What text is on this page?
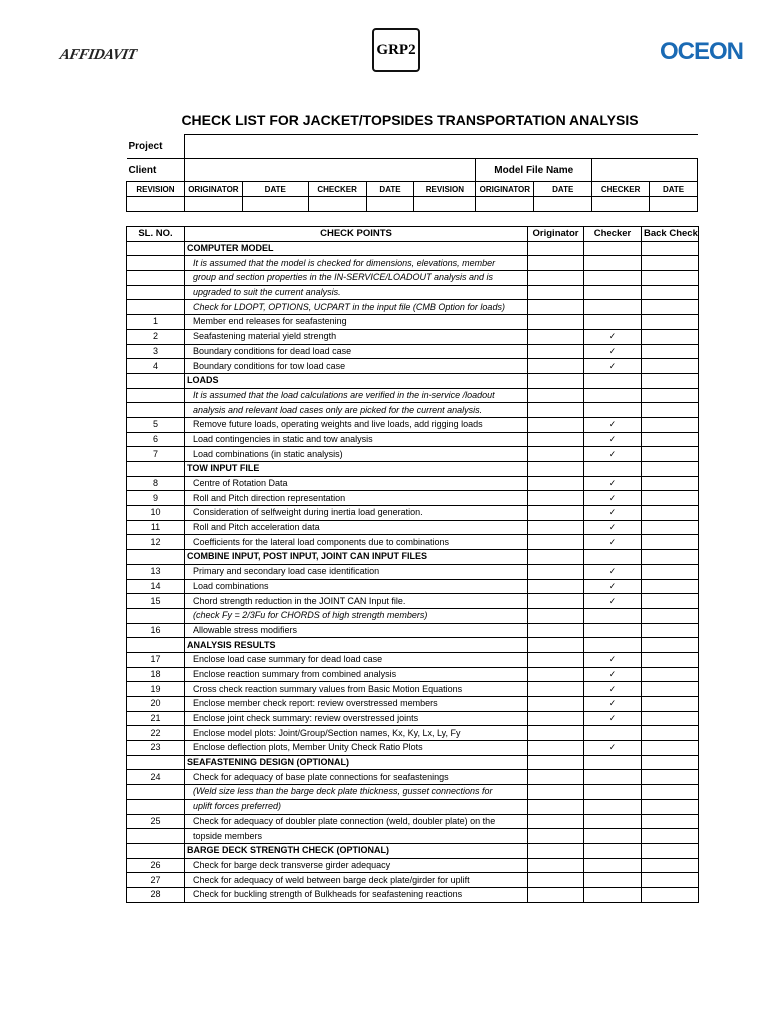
AFFIDAVIT	GRP2	OCEON
CHECK LIST FOR JACKET/TOPSIDES TRANSPORTATION ANALYSIS
Project									
Client						Model File Name			
REVISION	ORIGINATOR	DATE	CHECKER	DATE	REVISION	ORIGINATOR	DATE	CHECKER	DATE

SL. NO.	CHECK POINTS	Originator	Checker	Back Check
	COMPUTER MODEL			
	It is assumed that the model is checked for dimensions, elevations, member			
	group and section properties in the IN-SERVICE/LOADOUT analysis and is			
	upgraded to suit the current analysis.			
	Check for LDOPT, OPTIONS, UCPART in the input file (CMB Option for loads)			
1	Member end releases for seafastening			
2	Seafastening material yield strength		✓	
3	Boundary conditions for dead load case		✓	
4	Boundary conditions for tow load case		✓	
	LOADS			
	It is assumed that the load calculations are verified in the in-service /loadout			
	analysis and relevant load cases only are picked for the current analysis.			
5	Remove future loads, operating weights and live loads, add rigging loads		✓	
6	Load contingencies in static and tow analysis		✓	
7	Load combinations (in static analysis)		✓	
	TOW INPUT FILE			
8	Centre of Rotation Data		✓	
9	Roll and Pitch direction representation		✓	
10	Consideration of selfweight during inertia load generation.		✓	
11	Roll and Pitch acceleration data		✓	
12	Coefficients for the lateral load components due to combinations		✓	
	COMBINE INPUT, POST INPUT, JOINT CAN INPUT FILES			
13	Primary and secondary load case identification		✓	
14	Load combinations		✓	
15	Chord strength reduction in the JOINT CAN Input file.		✓	
	(check Fy = 2/3Fu for CHORDS of high strength members)			
16	Allowable stress modifiers			
	ANALYSIS RESULTS			
17	Enclose load case summary for dead load case		✓	
18	Enclose reaction summary from combined analysis		✓	
19	Cross check reaction summary values from Basic Motion Equations		✓	
20	Enclose member check report: review overstressed members		✓	
21	Enclose joint check summary: review overstressed joints		✓	
22	Enclose model plots: Joint/Group/Section names, Kx, Ky, Lx, Ly, Fy			
23	Enclose deflection plots, Member Unity Check Ratio Plots		✓	
	SEAFASTENING DESIGN (OPTIONAL)			
24	Check for adequacy of base plate connections for seafastenings			
	(Weld size less than the barge deck plate thickness, gusset connections for			
	uplift forces preferred)			
25	Check for adequacy of doubler plate connection (weld, doubler plate) on the			
	topside members			
	BARGE DECK STRENGTH CHECK (OPTIONAL)			
26	Check for barge deck transverse girder adequacy			
27	Check for adequacy of weld between barge deck plate/girder for uplift			
28	Check for buckling strength of Bulkheads for seafastening reactions			
